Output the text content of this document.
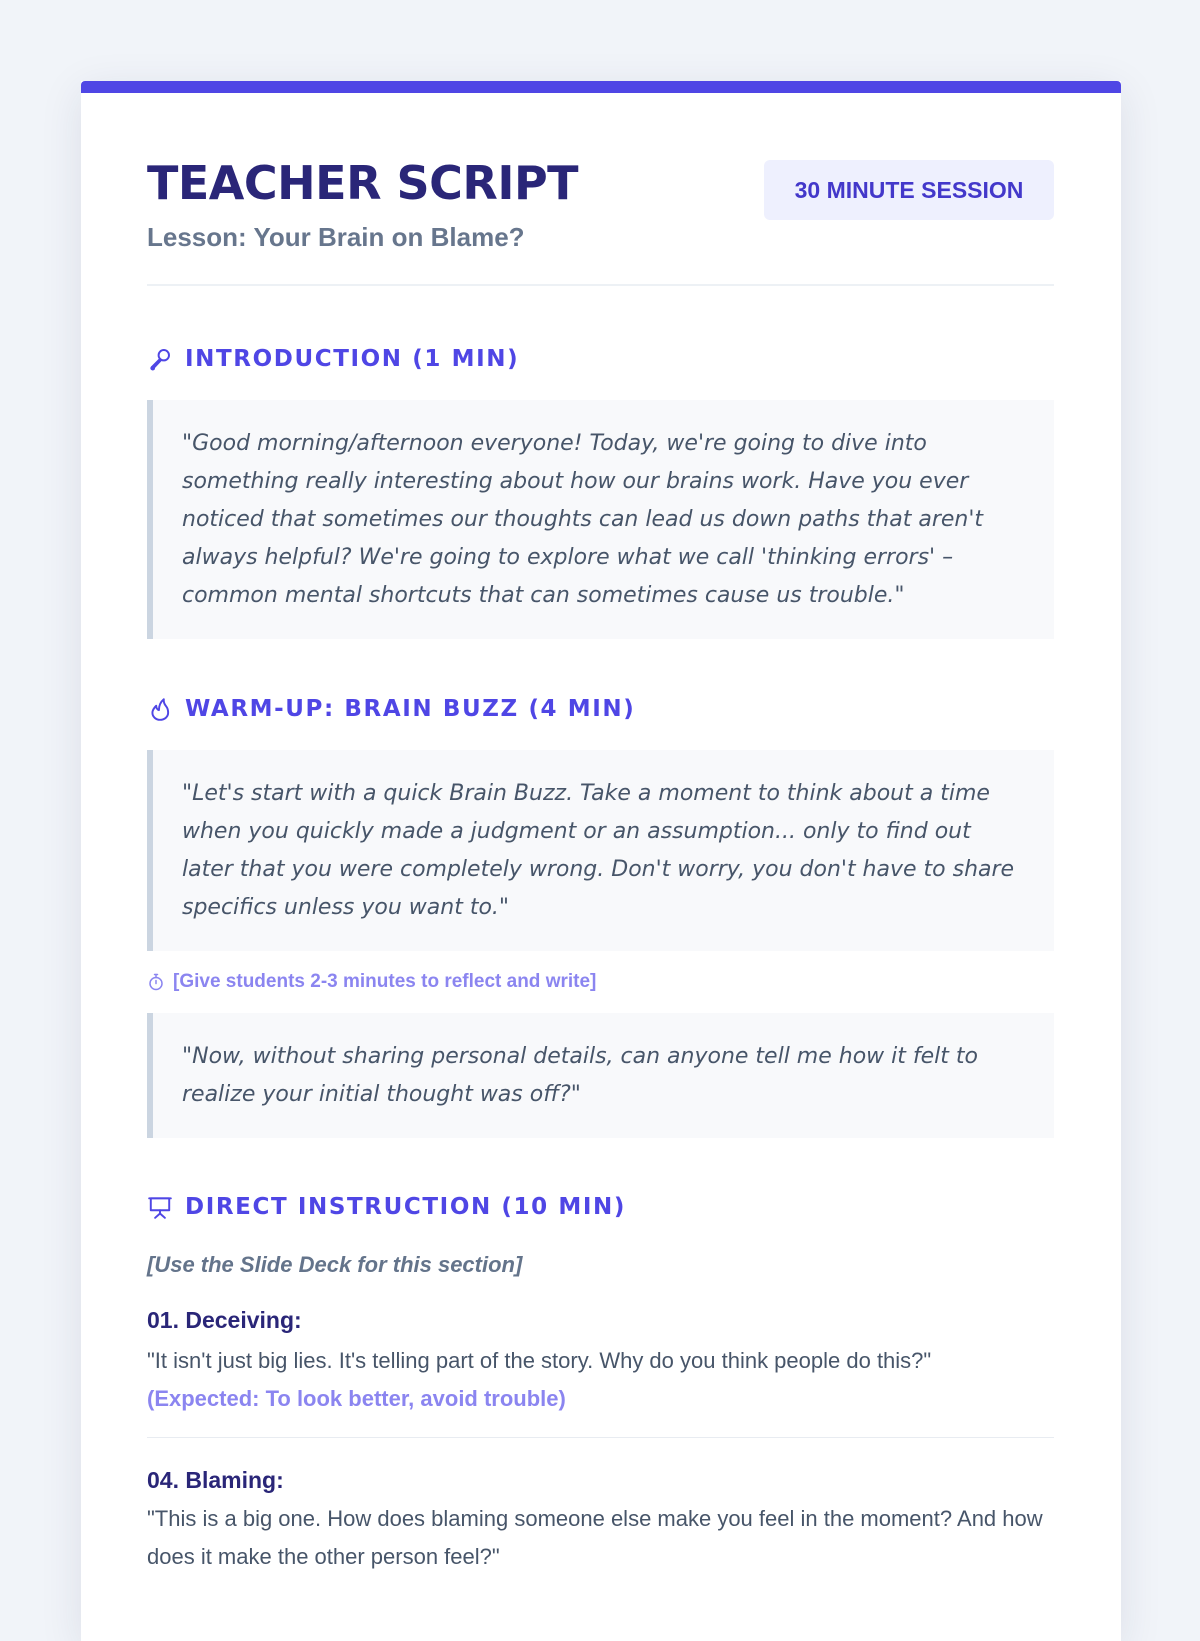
TEACHER SCRIPT
Lesson: Your Brain on Blame?
30 MINUTE SESSION
INTRODUCTION (1 MIN)
"Good morning/afternoon everyone! Today, we're going to dive into something really interesting about how our brains work. Have you ever noticed that sometimes our thoughts can lead us down paths that aren't always helpful? We're going to explore what we call 'thinking errors' – common mental shortcuts that can sometimes cause us trouble."
WARM-UP: BRAIN BUZZ (4 MIN)
"Let's start with a quick Brain Buzz. Take a moment to think about a time when you quickly made a judgment or an assumption... only to find out later that you were completely wrong. Don't worry, you don't have to share specifics unless you want to."
[Give students 2-3 minutes to reflect and write]
"Now, without sharing personal details, can anyone tell me how it felt to realize your initial thought was off?"
DIRECT INSTRUCTION (10 MIN)
[Use the Slide Deck for this section]
01. Deceiving:
"It isn't just big lies. It's telling part of the story. Why do you think people do this?"
(Expected: To look better, avoid trouble)
04. Blaming:
"This is a big one. How does blaming someone else make you feel in the moment? And how does it make the other person feel?"
